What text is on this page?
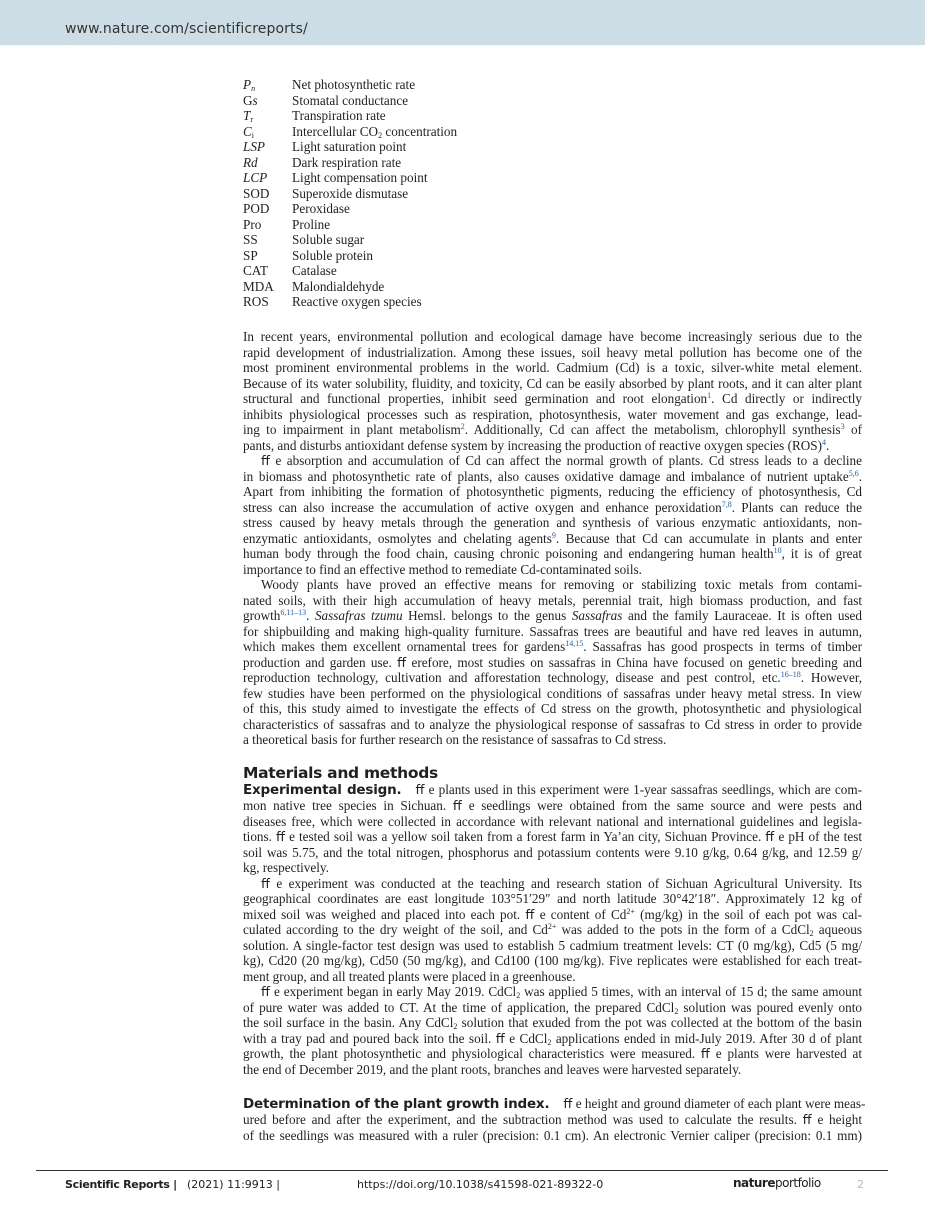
www.nature.com/scientificreports/
$P_n$	Net photosynthetic rate
Gs	Stomatal conductance
$T_r$	Transpiration rate
$C_i$	Intercellular $CO_2$ concentration
LSP	Light saturation point
Rd	Dark respiration rate
LCP	Light compensation point
SOD	Superoxide dismutase
POD	Peroxidase
Pro	Proline
SS	Soluble sugar
SP	Soluble protein
CAT	Catalase
MDA	Malondialdehyde
ROS	Reactive oxygen species
In recent years, environmental pollution and ecological damage have become increasingly serious due to the
rapid development of industrialization. Among these issues, soil heavy metal pollution has become one of the
most prominent environmental problems in the world. Cadmium (Cd) is a toxic, silver-white metal element.
Because of its water solubility, fluidity, and toxicity, Cd can be easily absorbed by plant roots, and it can alter plant
structural and functional properties, inhibit seed germination and root elongation$^1$. Cd directly or indirectly
inhibits physiological processes such as respiration, photosynthesis, water movement and gas exchange, lead-
ing to impairment in plant metabolism$^2$. Additionally, Cd can affect the metabolism, chlorophyll synthesis$^3$ of
pants, and disturbs antioxidant defense system by increasing the production of reactive oxygen species (ROS)$^4$.
ﬀ e absorption and accumulation of Cd can affect the normal growth of plants. Cd stress leads to a decline
in biomass and photosynthetic rate of plants, also causes oxidative damage and imbalance of nutrient uptake$^{5,6}$.
Apart from inhibiting the formation of photosynthetic pigments, reducing the efficiency of photosynthesis, Cd
stress can also increase the accumulation of active oxygen and enhance peroxidation$^{7,8}$. Plants can reduce the
stress caused by heavy metals through the generation and synthesis of various enzymatic antioxidants, non-
enzymatic antioxidants, osmolytes and chelating agents$^9$. Because that Cd can accumulate in plants and enter
human body through the food chain, causing chronic poisoning and endangering human health$^{10}$, it is of great
importance to find an effective method to remediate Cd-contaminated soils.
Woody plants have proved an effective means for removing or stabilizing toxic metals from contami-
nated soils, with their high accumulation of heavy metals, perennial trait, high biomass production, and fast
growth$^{6,11-13}$. Sassafras tzumu Hemsl. belongs to the genus Sassafras and the family Lauraceae. It is often used
for shipbuilding and making high-quality furniture. Sassafras trees are beautiful and have red leaves in autumn,
which makes them excellent ornamental trees for gardens$^{14,15}$. Sassafras has good prospects in terms of timber
production and garden use. ﬀ erefore, most studies on sassafras in China have focused on genetic breeding and
reproduction technology, cultivation and afforestation technology, disease and pest control, etc.$^{16-18}$. However,
few studies have been performed on the physiological conditions of sassafras under heavy metal stress. In view
of this, this study aimed to investigate the effects of Cd stress on the growth, photosynthetic and physiological
characteristics of sassafras and to analyze the physiological response of sassafras to Cd stress in order to provide
a theoretical basis for further research on the resistance of sassafras to Cd stress.
Materials and methods
Experimental design. ﬀ e plants used in this experiment were 1-year sassafras seedlings, which are com-
mon native tree species in Sichuan. ﬀ e seedlings were obtained from the same source and were pests and
diseases free, which were collected in accordance with relevant national and international guidelines and legisla-
tions. ﬀ e tested soil was a yellow soil taken from a forest farm in Ya’an city, Sichuan Province. ﬀ e pH of the test
soil was 5.75, and the total nitrogen, phosphorus and potassium contents were 9.10 g/kg, 0.64 g/kg, and 12.59 g/
kg, respectively.
ﬀ e experiment was conducted at the teaching and research station of Sichuan Agricultural University. Its
geographical coordinates are east longitude 103°51′29″ and north latitude 30°42′18″. Approximately 12 kg of
mixed soil was weighed and placed into each pot. ﬀ e content of $Cd^{2+}$ (mg/kg) in the soil of each pot was cal-
culated according to the dry weight of the soil, and $Cd^{2+}$ was added to the pots in the form of a CdCl$_2$ aqueous
solution. A single-factor test design was used to establish 5 cadmium treatment levels: CT (0 mg/kg), Cd5 (5 mg/
kg), Cd20 (20 mg/kg), Cd50 (50 mg/kg), and Cd100 (100 mg/kg). Five replicates were established for each treat-
ment group, and all treated plants were placed in a greenhouse.
ﬀ e experiment began in early May 2019. CdCl$_2$ was applied 5 times, with an interval of 15 d; the same amount
of pure water was added to CT. At the time of application, the prepared CdCl$_2$ solution was poured evenly onto
the soil surface in the basin. Any CdCl$_2$ solution that exuded from the pot was collected at the bottom of the basin
with a tray pad and poured back into the soil. ﬀ e CdCl$_2$ applications ended in mid-July 2019. After 30 d of plant
growth, the plant photosynthetic and physiological characteristics were measured. ﬀ e plants were harvested at
the end of December 2019, and the plant roots, branches and leaves were harvested separately.
Determination of the plant growth index. ﬀ e height and ground diameter of each plant were meas-
ured before and after the experiment, and the subtraction method was used to calculate the results. ﬀ e height
of the seedlings was measured with a ruler (precision: 0.1 cm). An electronic Vernier caliper (precision: 0.1 mm)
Scientific Reports | (2021) 11:9913 |	https://doi.org/10.1038/s41598-021-89322-0	natureportfolio	2
